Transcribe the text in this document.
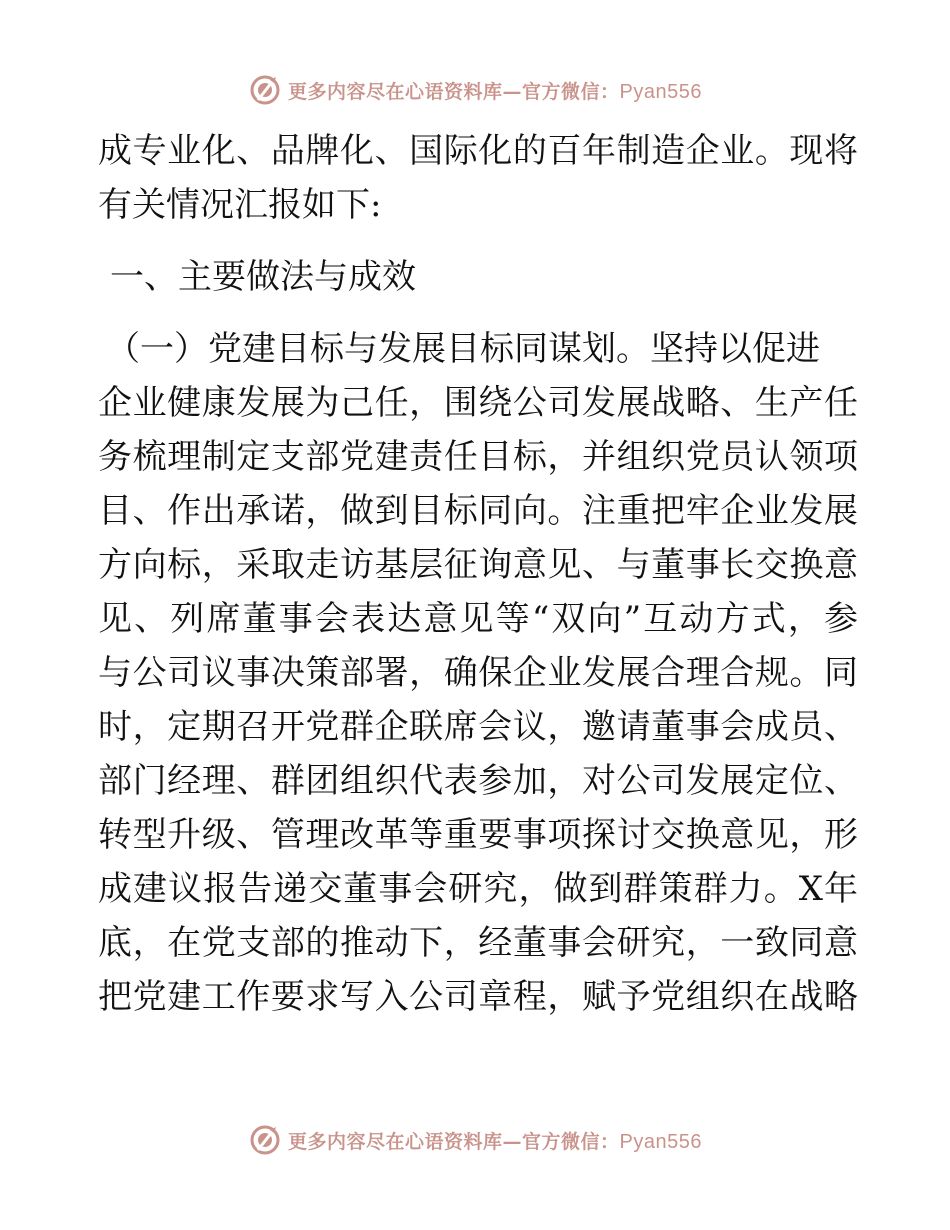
更多内容尽在心语资料库—官方微信：Pyan556
成专业化、品牌化、国际化的百年制造企业。现将
有关情况汇报如下:
一、主要做法与成效
（一）党建目标与发展目标同谋划。坚持以促进
企业健康发展为己任，围绕公司发展战略、生产任
务梳理制定支部党建责任目标，并组织党员认领项
目、作出承诺，做到目标同向。注重把牢企业发展
方向标，采取走访基层征询意见、与董事长交换意
见、列席董事会表达意见等“双向”互动方式，参
与公司议事决策部署，确保企业发展合理合规。同
时，定期召开党群企联席会议，邀请董事会成员、
部门经理、群团组织代表参加，对公司发展定位、
转型升级、管理改革等重要事项探讨交换意见，形
成建议报告递交董事会研究，做到群策群力。X年
底，在党支部的推动下，经董事会研究，一致同意
把党建工作要求写入公司章程，赋予党组织在战略
更多内容尽在心语资料库—官方微信：Pyan556
